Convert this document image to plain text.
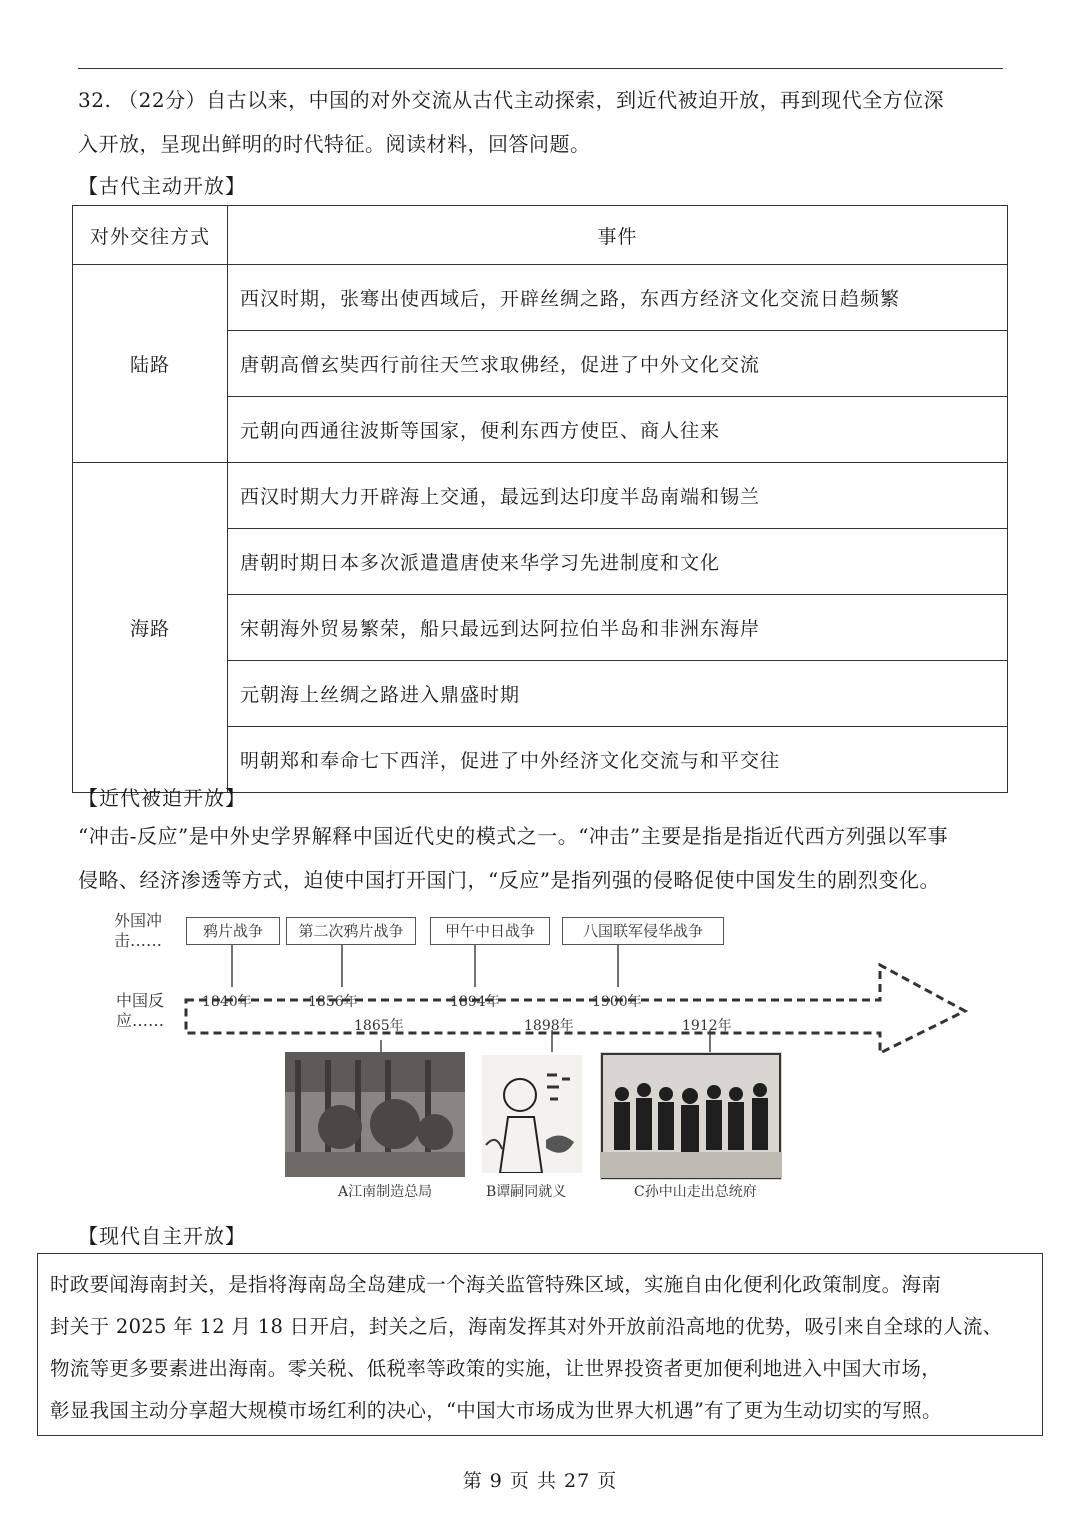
32. （22分）自古以来，中国的对外交流从古代主动探索，到近代被迫开放，再到现代全方位深
入开放，呈现出鲜明的时代特征。阅读材料，回答问题。
【古代主动开放】
对外交往方式	事件
陆路	西汉时期，张骞出使西域后，开辟丝绸之路，东西方经济文化交流日趋频繁
	唐朝高僧玄奘西行前往天竺求取佛经，促进了中外文化交流
	元朝向西通往波斯等国家，便利东西方使臣、商人往来
海路	西汉时期大力开辟海上交通，最远到达印度半岛南端和锡兰
	唐朝时期日本多次派遣遣唐使来华学习先进制度和文化
	宋朝海外贸易繁荣，船只最远到达阿拉伯半岛和非洲东海岸
	元朝海上丝绸之路进入鼎盛时期
	明朝郑和奉命七下西洋，促进了中外经济文化交流与和平交往
【近代被迫开放】
“冲击-反应”是中外史学界解释中国近代史的模式之一。“冲击”主要是指是指近代西方列强以军事
侵略、经济渗透等方式，迫使中国打开国门，“反应”是指列强的侵略促使中国发生的剧烈变化。
外国冲
击……
中国反
应……
鸦片战争	第二次鸦片战争	甲午中日战争	八国联军侵华战争
1840年	1856年	1894年	1900年
1865年	1898年	1912年
A江南制造总局	B谭嗣同就义	C孙中山走出总统府
【现代自主开放】
时政要闻海南封关，是指将海南岛全岛建成一个海关监管特殊区域，实施自由化便利化政策制度。海南
封关于 2025 年 12 月 18 日开启，封关之后，海南发挥其对外开放前沿高地的优势，吸引来自全球的人流、
物流等更多要素进出海南。零关税、低税率等政策的实施，让世界投资者更加便利地进入中国大市场，
彰显我国主动分享超大规模市场红利的决心，“中国大市场成为世界大机遇”有了更为生动切实的写照。
第 9 页 共 27 页
